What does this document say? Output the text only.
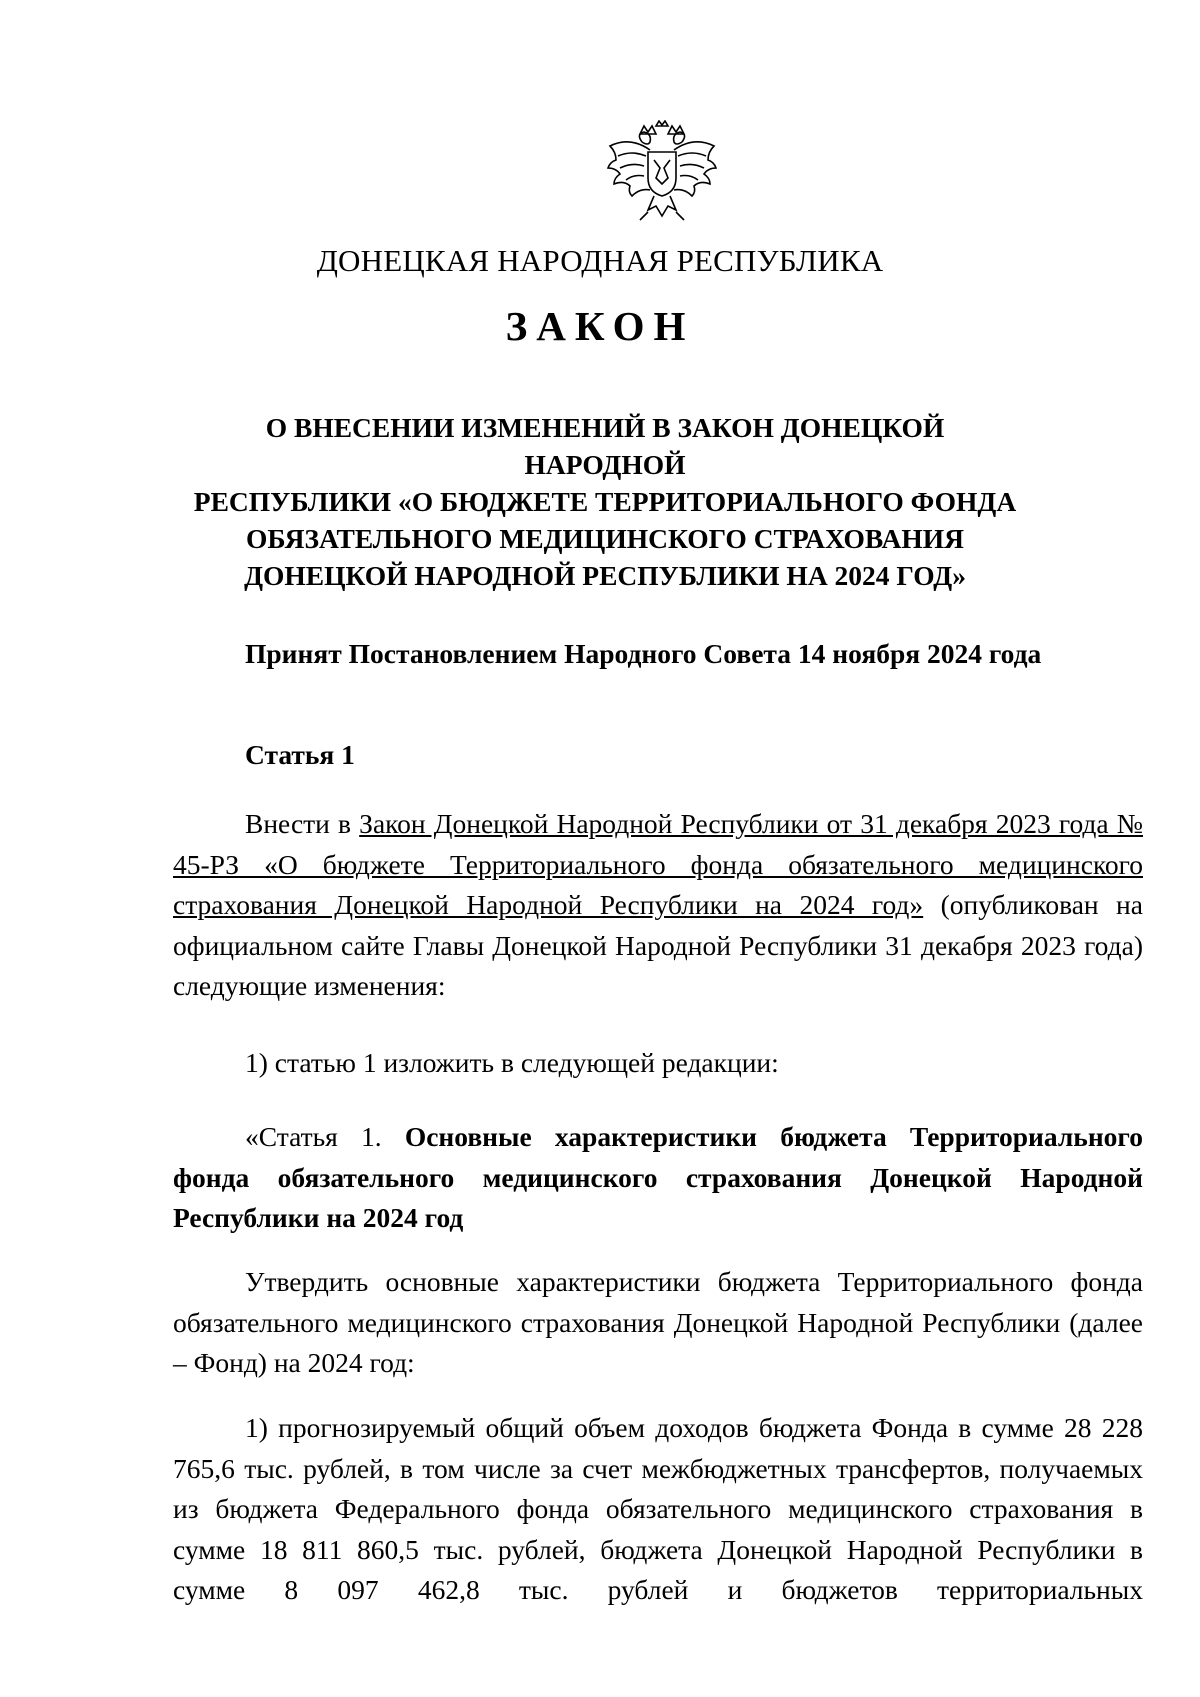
ДОНЕЦКАЯ НАРОДНАЯ РЕСПУБЛИКА
ЗАКОН
О ВНЕСЕНИИ ИЗМЕНЕНИЙ В ЗАКОН ДОНЕЦКОЙ НАРОДНОЙ
РЕСПУБЛИКИ «О БЮДЖЕТЕ ТЕРРИТОРИАЛЬНОГО ФОНДА
ОБЯЗАТЕЛЬНОГО МЕДИЦИНСКОГО СТРАХОВАНИЯ
ДОНЕЦКОЙ НАРОДНОЙ РЕСПУБЛИКИ НА 2024 ГОД»
Принят Постановлением Народного Совета 14 ноября 2024 года
Статья 1

Внести в Закон Донецкой Народной Республики от 31 декабря 2023 года № 45-РЗ «О бюджете Территориального фонда обязательного медицинского страхования Донецкой Народной Республики на 2024 год» (опубликован на официальном сайте Главы Донецкой Народной Республики 31 декабря 2023 года) следующие изменения:

1) статью 1 изложить в следующей редакции:

«Статья 1. Основные характеристики бюджета Территориального фонда обязательного медицинского страхования Донецкой Народной Республики на 2024 год

Утвердить основные характеристики бюджета Территориального фонда обязательного медицинского страхования Донецкой Народной Республики (далее – Фонд) на 2024 год:

1) прогнозируемый общий объем доходов бюджета Фонда в сумме 28 228 765,6 тыс. рублей, в том числе за счет межбюджетных трансфертов, получаемых из бюджета Федерального фонда обязательного медицинского страхования в сумме 18 811 860,5 тыс. рублей, бюджета Донецкой Народной Республики в сумме 8 097 462,8 тыс. рублей и бюджетов территориальных
